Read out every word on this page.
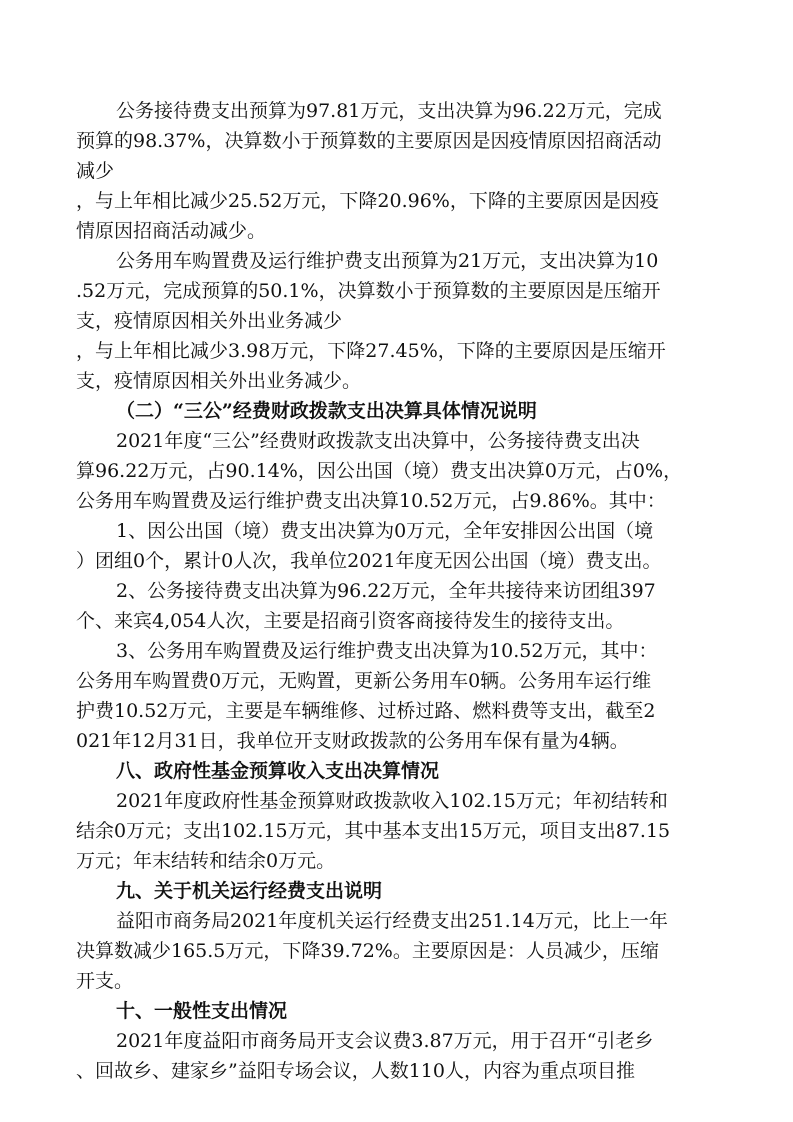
公务接待费支出预算为97.81万元，支出决算为96.22万元，完成
预算的98.37%，决算数小于预算数的主要原因是因疫情原因招商活动
减少
，与上年相比减少25.52万元，下降20.96%，下降的主要原因是因疫
情原因招商活动减少。
公务用车购置费及运行维护费支出预算为21万元，支出决算为10
.52万元，完成预算的50.1%，决算数小于预算数的主要原因是压缩开
支，疫情原因相关外出业务减少
，与上年相比减少3.98万元，下降27.45%，下降的主要原因是压缩开
支，疫情原因相关外出业务减少。
（二）“三公”经费财政拨款支出决算具体情况说明
2021年度“三公”经费财政拨款支出决算中，公务接待费支出决
算96.22万元，占90.14%，因公出国（境）费支出决算0万元，占0%，
公务用车购置费及运行维护费支出决算10.52万元，占9.86%。其中：
1、因公出国（境）费支出决算为0万元，全年安排因公出国（境
）团组0个，累计0人次，我单位2021年度无因公出国（境）费支出。
2、公务接待费支出决算为96.22万元，全年共接待来访团组397
个、来宾4,054人次，主要是招商引资客商接待发生的接待支出。
3、公务用车购置费及运行维护费支出决算为10.52万元，其中：
公务用车购置费0万元，无购置，更新公务用车0辆。公务用车运行维
护费10.52万元，主要是车辆维修、过桥过路、燃料费等支出，截至2
021年12月31日，我单位开支财政拨款的公务用车保有量为4辆。
八、政府性基金预算收入支出决算情况
2021年度政府性基金预算财政拨款收入102.15万元；年初结转和
结余0万元；支出102.15万元，其中基本支出15万元，项目支出87.15
万元；年末结转和结余0万元。
九、关于机关运行经费支出说明
益阳市商务局2021年度机关运行经费支出251.14万元，比上一年
决算数减少165.5万元，下降39.72%。主要原因是：人员减少，压缩
开支。
十、一般性支出情况
2021年度益阳市商务局开支会议费3.87万元，用于召开“引老乡
、回故乡、建家乡”益阳专场会议，人数110人，内容为重点项目推
